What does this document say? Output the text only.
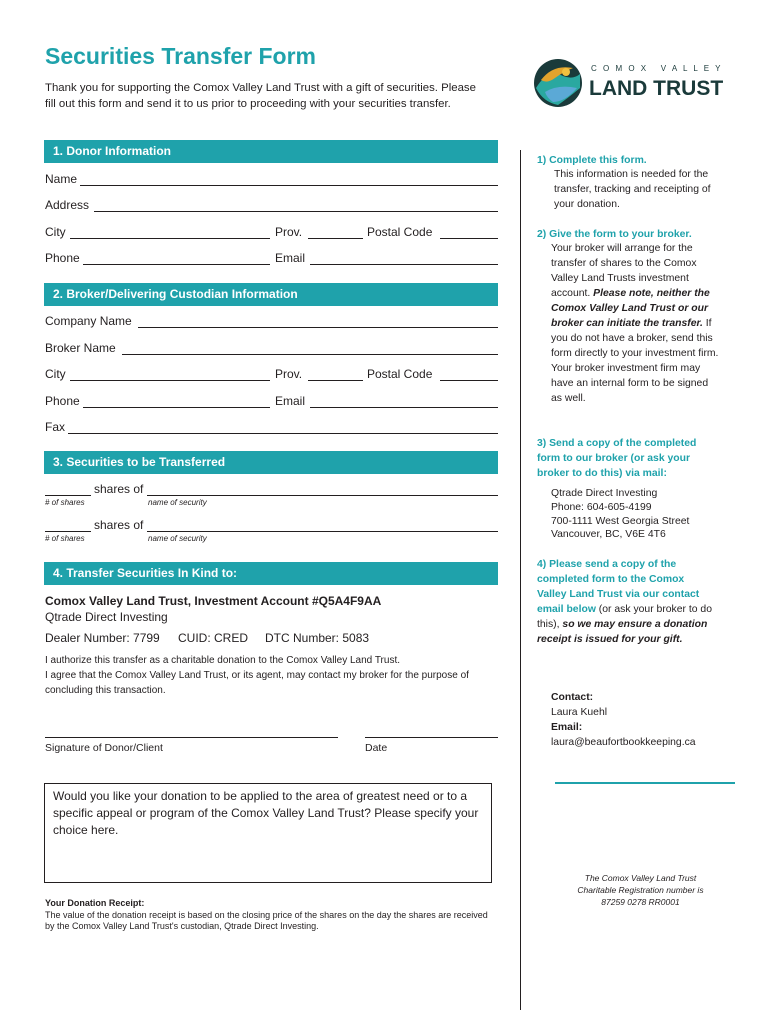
Securities Transfer Form
Thank you for supporting the Comox Valley Land Trust with a gift of securities. Please fill out this form and send it to us prior to proceeding with your securities transfer.
C O M O X   V A L L E Y
LAND TRUST
1. Donor Information
Name
Address
City	Prov.	Postal Code
Phone	Email
2. Broker/Delivering Custodian Information
Company Name
Broker Name
City	Prov.	Postal Code
Phone	Email
Fax
3. Securities to be Transferred
shares of
# of shares	name of security
shares of
# of shares	name of security
4. Transfer Securities In Kind to:
Comox Valley Land Trust, Investment Account #Q5A4F9AA
Qtrade Direct Investing
Dealer Number: 7799 CUID: CRED DTC Number: 5083
I authorize this transfer as a charitable donation to the Comox Valley Land Trust.
I agree that the Comox Valley Land Trust, or its agent, may contact my broker for the purpose of concluding this transaction.
Signature of Donor/Client	Date
Would you like your donation to be applied to the area of greatest need or to a specific appeal or program of the Comox Valley Land Trust? Please specify your choice here.
Your Donation Receipt:
The value of the donation receipt is based on the closing price of the shares on the day the shares are received by the Comox Valley Land Trust's custodian, Qtrade Direct Investing.
1) Complete this form.
This information is needed for the transfer, tracking and receipting of your donation.
2) Give the form to your broker.
Your broker will arrange for the transfer of shares to the Comox Valley Land Trusts investment account. Please note, neither the Comox Valley Land Trust or our broker can initiate the transfer. If you do not have a broker, send this form directly to your investment firm. Your broker investment firm may have an internal form to be signed as well.
3) Send a copy of the completed form to our broker (or ask your broker to do this) via mail:
Qtrade Direct Investing
Phone: 604-605-4199
700-1111 West Georgia Street
Vancouver, BC, V6E 4T6
4) Please send a copy of the completed form to the Comox Valley Land Trust via our contact email below (or ask your broker to do this), so we may ensure a donation receipt is issued for your gift.
Contact:
Laura Kuehl
Email:
laura@beaufortbookkeeping.ca
The Comox Valley Land Trust
Charitable Registration number is
87259 0278 RR0001
